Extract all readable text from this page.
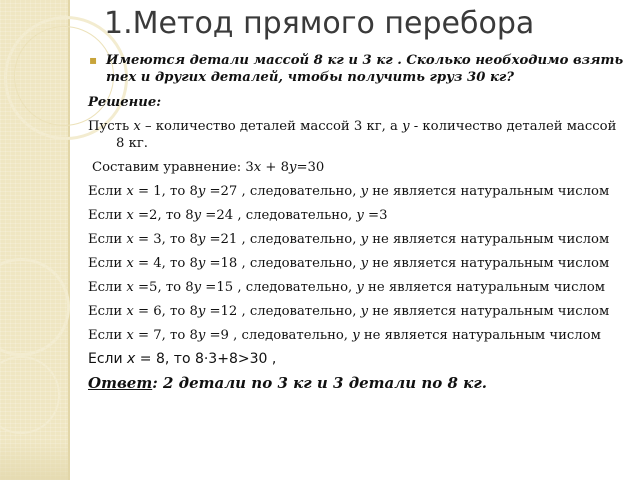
1.Метод прямого перебора
▪ Имеются детали массой 8 кг и 3 кг . Сколько необходимо взять тех и других деталей, чтобы получить груз 30 кг?
Решение:
Пусть x – количество деталей массой 3 кг, а y - количество деталей массой 8 кг.
Составим уравнение: 3x + 8y=30
Если x = 1, то 8y =27 , следовательно, y не является натуральным числом
Если x =2, то 8y =24 , следовательно, y =3
Если x = 3, то 8y =21 , следовательно, y не является натуральным числом
Если x = 4, то 8y =18 , следовательно, y не является натуральным числом
Если x =5, то 8y =15 , следовательно, y не является натуральным числом
Если x = 6, то 8y =12 , следовательно, y не является натуральным числом
Если x = 7, то 8y =9 , следовательно, y не является натуральным числом
Если x = 8, то 8·3+8>30 ,
Ответ: 2 детали по 3 кг и 3 детали по 8 кг.
